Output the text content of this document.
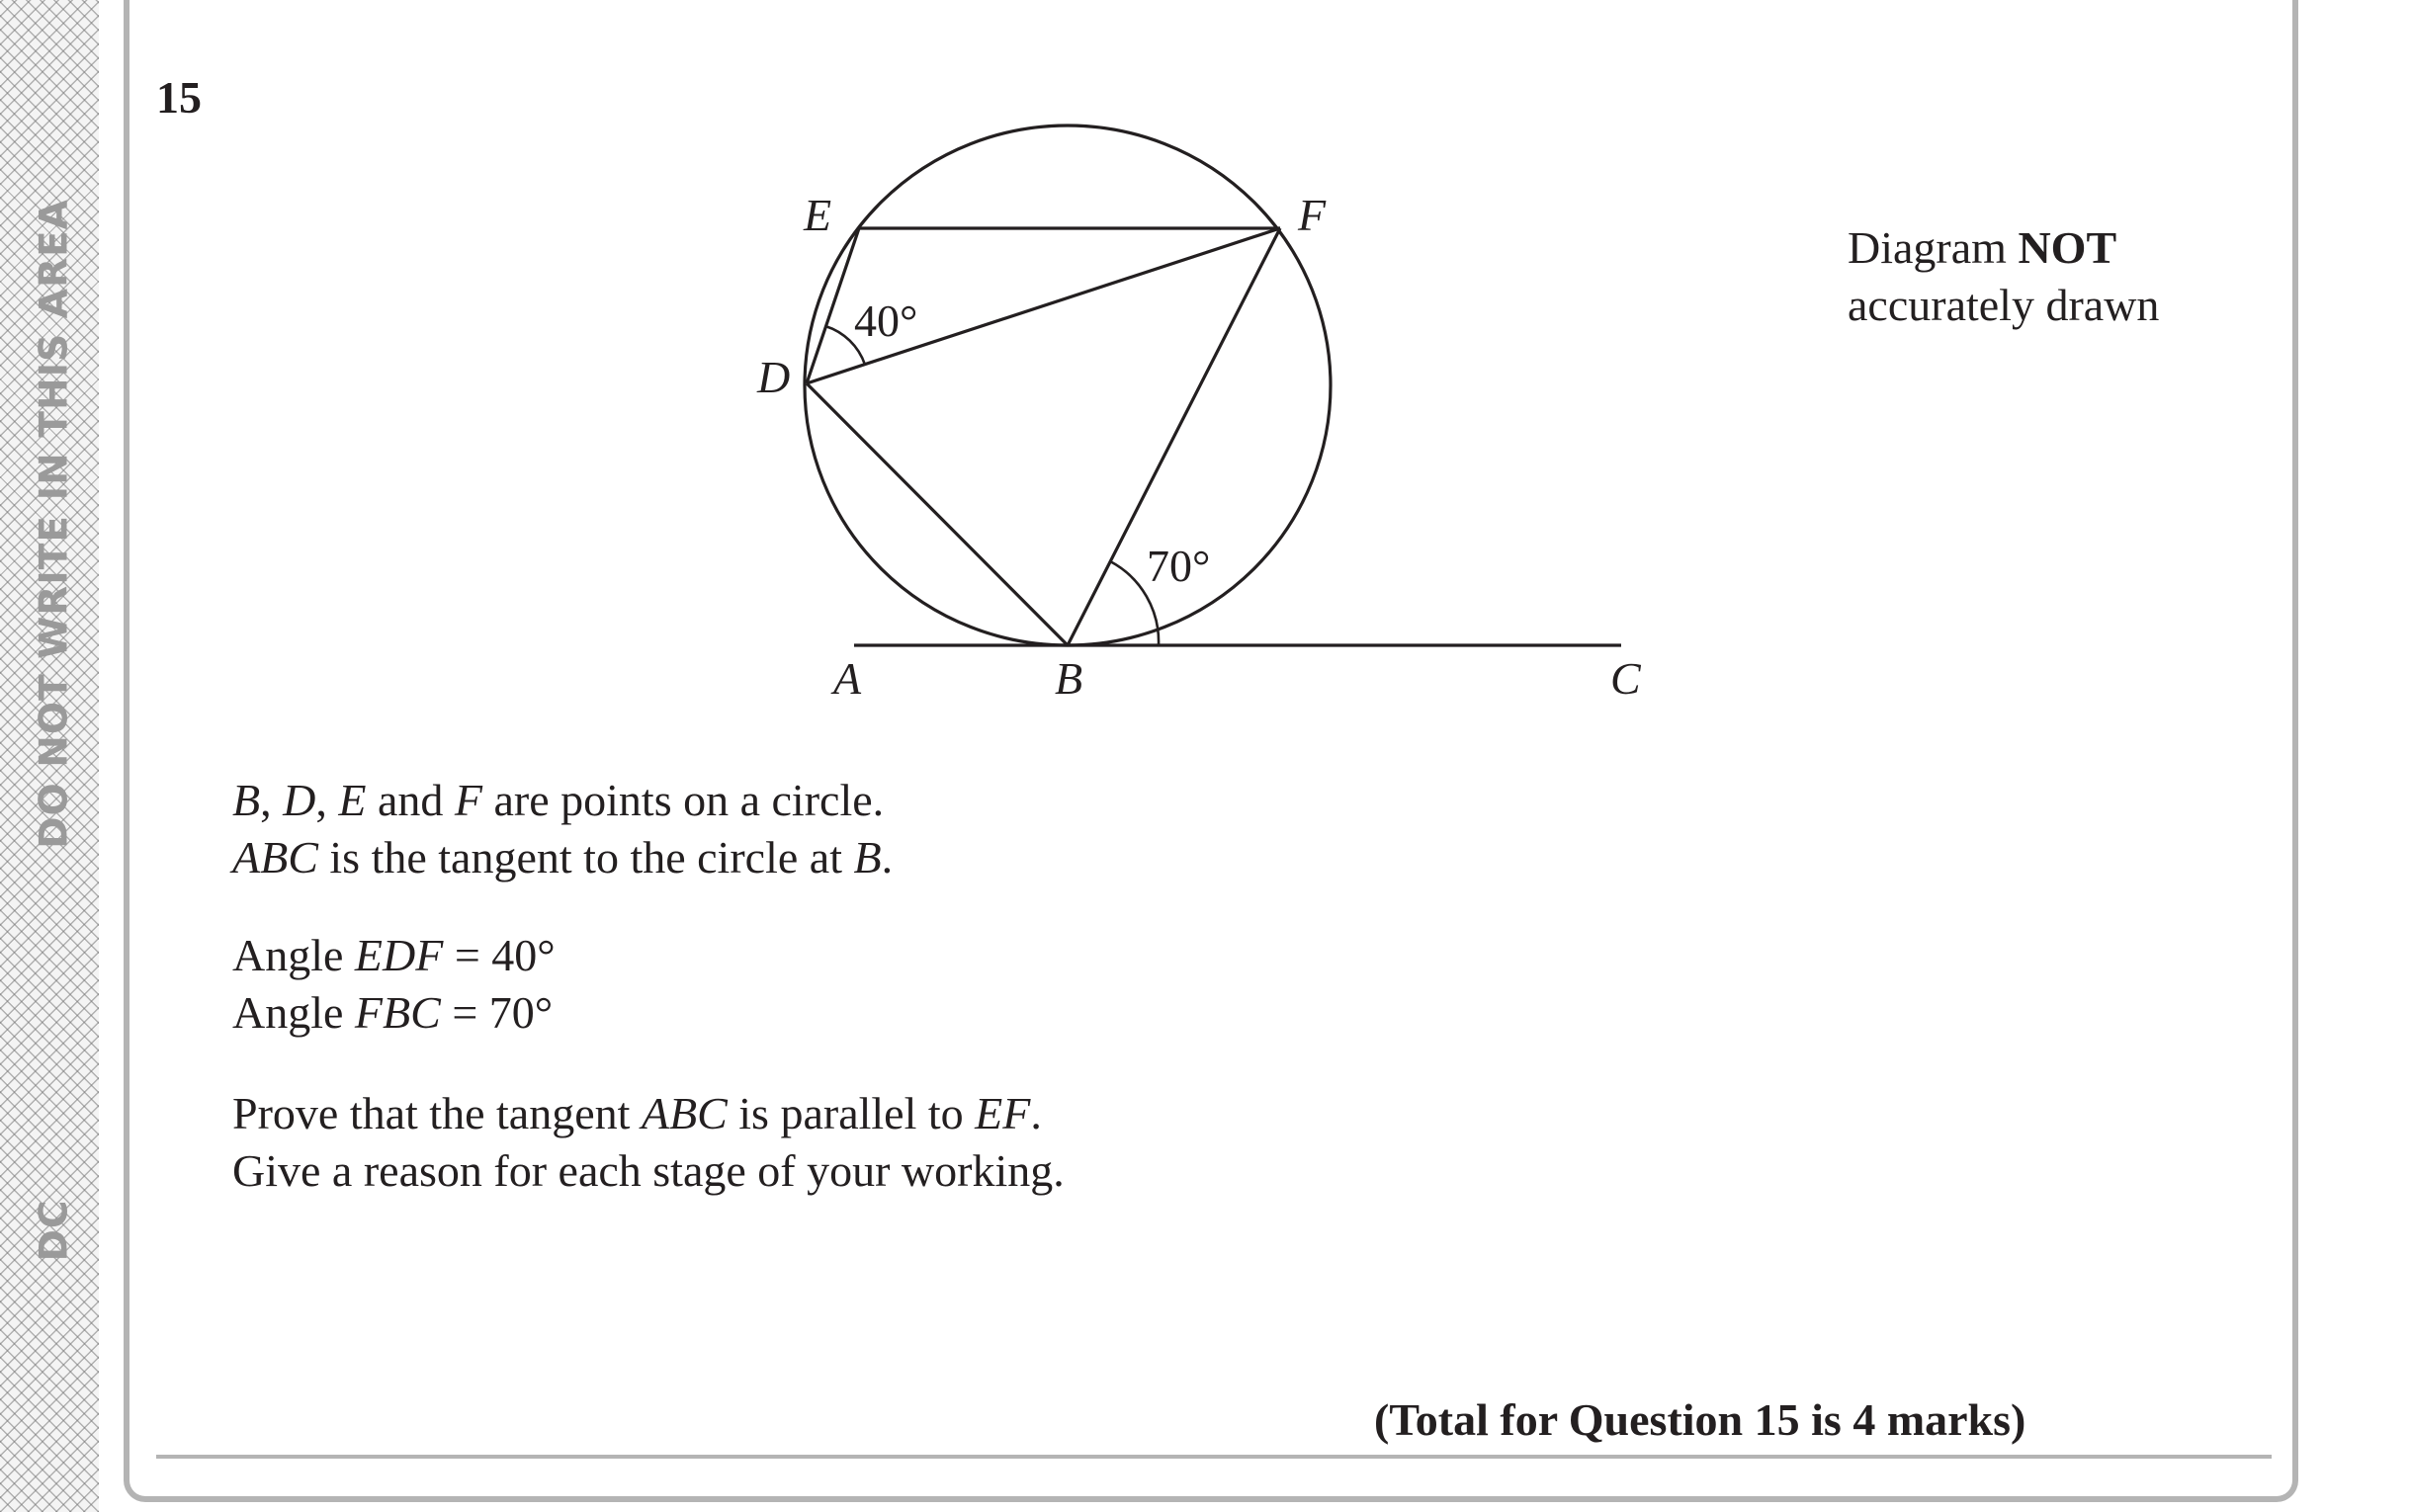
DO NOT WRITE IN THIS AREA
DC
15
Diagram NOT
accurately drawn
E	F
D
A	B	C
40°
70°
B, D, E and F are points on a circle.
ABC is the tangent to the circle at B.
Angle EDF = 40°
Angle FBC = 70°
Prove that the tangent ABC is parallel to EF.
Give a reason for each stage of your working.
(Total for Question 15 is 4 marks)
